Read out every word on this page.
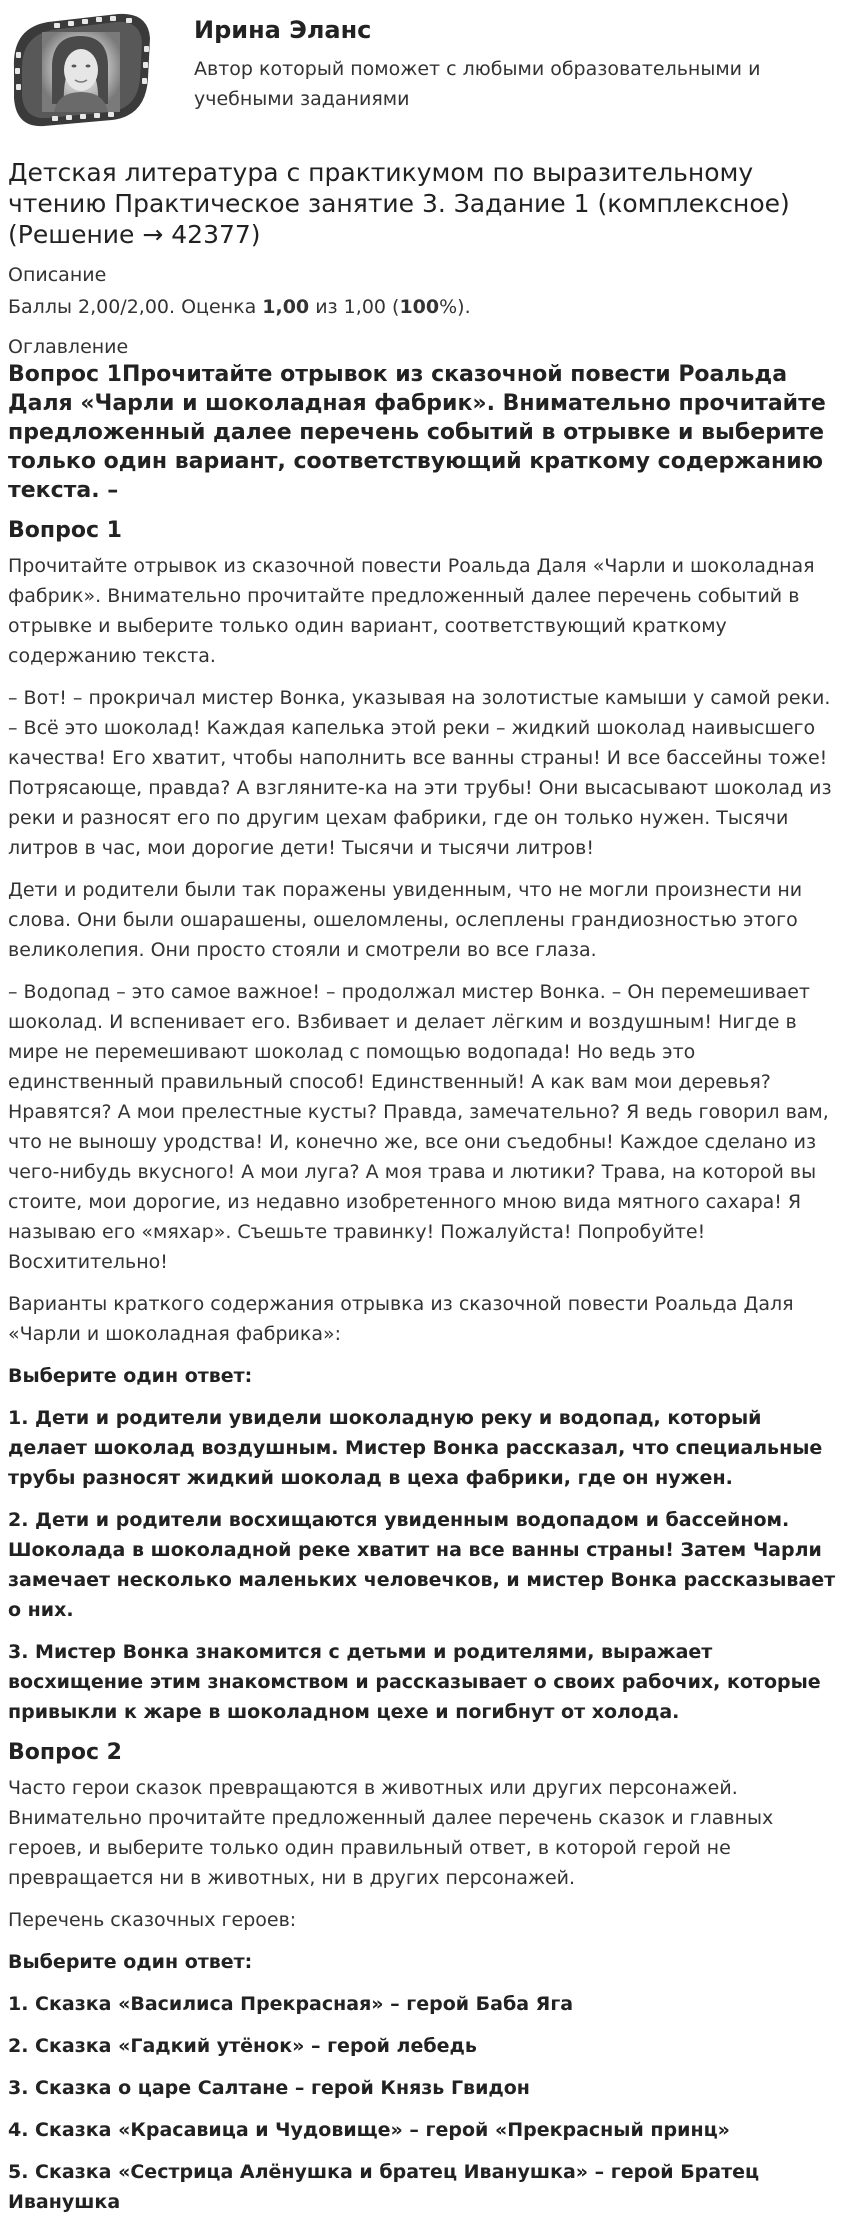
Ирина Эланс
Автор который поможет с любыми образовательными и учебными заданиями
Детская литература с практикумом по выразительному чтению Практическое занятие 3. Задание 1 (комплексное) (Решение → 42377)
Описание
Баллы 2,00/2,00. Оценка 1,00 из 1,00 (100%).
Оглавление
Вопрос 1Прочитайте отрывок из сказочной повести Роальда Даля «Чарли и шоколадная фабрик». Внимательно прочитайте предложенный далее перечень событий в отрывке и выберите только один вариант, соответствующий краткому содержанию текста. –
Вопрос 1

Прочитайте отрывок из сказочной повести Роальда Даля «Чарли и шоколадная фабрик». Внимательно прочитайте предложенный далее перечень событий в отрывке и выберите только один вариант, соответствующий краткому содержанию текста.

– Вот! – прокричал мистер Вонка, указывая на золотистые камыши у самой реки. – Всё это шоколад! Каждая капелька этой реки – жидкий шоколад наивысшего качества! Его хватит, чтобы наполнить все ванны страны! И все бассейны тоже! Потрясающе, правда? А взгляните-ка на эти трубы! Они высасывают шоколад из реки и разносят его по другим цехам фабрики, где он только нужен. Тысячи литров в час, мои дорогие дети! Тысячи и тысячи литров!

Дети и родители были так поражены увиденным, что не могли произнести ни слова. Они были ошарашены, ошеломлены, ослеплены грандиозностью этого великолепия. Они просто стояли и смотрели во все глаза.

– Водопад – это самое важное! – продолжал мистер Вонка. – Он перемешивает шоколад. И вспенивает его. Взбивает и делает лёгким и воздушным! Нигде в мире не перемешивают шоколад с помощью водопада! Но ведь это единственный правильный способ! Единственный! А как вам мои деревья? Нравятся? А мои прелестные кусты? Правда, замечательно? Я ведь говорил вам, что не выношу уродства! И, конечно же, все они съедобны! Каждое сделано из чего-нибудь вкусного! А мои луга? А моя трава и лютики? Трава, на которой вы стоите, мои дорогие, из недавно изобретенного мною вида мятного сахара! Я называю его «мяхар». Съешьте травинку! Пожалуйста! Попробуйте! Восхитительно!

Варианты краткого содержания отрывка из сказочной повести Роальда Даля «Чарли и шоколадная фабрика»:

Выберите один ответ:

1. Дети и родители увидели шоколадную реку и водопад, который делает шоколад воздушным. Мистер Вонка рассказал, что специальные трубы разносят жидкий шоколад в цеха фабрики, где он нужен.

2. Дети и родители восхищаются увиденным водопадом и бассейном. Шоколада в шоколадной реке хватит на все ванны страны! Затем Чарли замечает несколько маленьких человечков, и мистер Вонка рассказывает о них.

3. Мистер Вонка знакомится с детьми и родителями, выражает восхищение этим знакомством и рассказывает о своих рабочих, которые привыкли к жаре в шоколадном цехе и погибнут от холода.

Вопрос 2

Часто герои сказок превращаются в животных или других персонажей. Внимательно прочитайте предложенный далее перечень сказок и главных героев, и выберите только один правильный ответ, в которой герой не превращается ни в животных, ни в других персонажей.

Перечень сказочных героев:

Выберите один ответ:

1. Сказка «Василиса Прекрасная» – герой Баба Яга

2. Сказка «Гадкий утёнок» – герой лебедь

3. Сказка о царе Салтане – герой Князь Гвидон

4. Сказка «Красавица и Чудовище» – герой «Прекрасный принц»

5. Сказка «Сестрица Алёнушка и братец Иванушка» – герой Братец Иванушка
